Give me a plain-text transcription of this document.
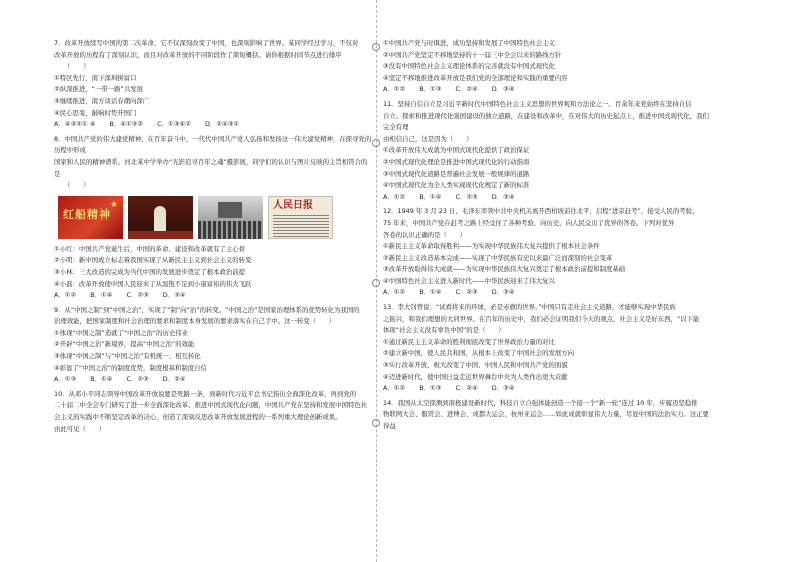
7．改革开放续写中国的第二次革命，它不仅深刻改变了中国，也深刻影响了世界。某同学经过学习，不仅对
改革开放的历程有了深刻认识，而且对改革开放的不同阶段作了简短概括。请你根据时间节点进行排序
（　　）
①特区先行，南下深圳拼富口
②纵深推进，“一带一路”共发展
③继续推进，南方谈话春潮向深广
④民心思变，敲响时势开国门
A．④③②① ④ B．④①③② C．①③④② D．②④③①
8．中国共产党的伟大建党精神，在百年奋斗中，一代代中国共产党人弘扬和发扬这一伟大建党精神，在探寻党的历程中形成
国家和人民的精神谱系。河北某中学举办“光影追寻百年之魂”摄影展，同学们的认识与图片反映的主旨相符合的是
（　　）
★
红船精神
人民日报
①小红：中国共产党诞生后，中国的革命、建设和改革就有了主心骨
②小明：新中国成立标志着我国实现了从新民主主义到社会主义的转变
③小林：三大改造的完成为当代中国的发展进步奠定了根本政治前提
④小磊：改革开放使中国人民迎来了从温饱不足到小康富裕的伟大飞跃
A．①② B．①④ C．②③ D．③④
9．从“中国之制”到“中国之治”，实现了“制”向“治”的转变。“中国之治”是国家治理体系的优势转化为我国的
治理效能，把国家制度和社会治理的要求和制度本身发展的要求落实在自己手中。这一转变（　　）
①体现“中国之制”造就了“中国之治”的历史伟业
②开辟“中国之治”新境界，提高“中国之治”的效能
③体现“中国之制”与“中国之治”有机统一、相互转化
④彰显了“中国之治”的制度优势，制度根基和制度自信
A．①③ B．①④ C．②③ D．②④
10．从邓小平同志领导中国改革开放说要是死路一条，到新时代习近平总书记指出全面深化改革，再到党的
二十届二中全会专门研究了进一步全面深化改革、推进中国式现代化问题，中国共产党在坚持和发展中国特色社
会主义的实践中不断坚定改革的决心，创造了深刻反思改革开放发展进程的一系列重大理论创新成果。
由此可见（　　）
①中国共产党与时俱进，成功坚持和发展了中国特色社会主义
②中国共产党坚定不移地坚持的十一届三中全会以来的路线方针
③没有中国特色社会主义理论体系的完善就没有中国式现代化
④坚定不移地推进改革开放是我们党的全部理论和实践的重要内容
A．①② B．①③ C．②④ D．③④
11．坚持自信自立是习近平新时代中国特色社会主义思想的世界观和方法论之一。百余年来党始终在坚持自信
自立、探索和推进现代化强国建设的独立道路，在建设和改革中，在对伟大的历史起点上，推进中国式现代化，我们完全有理
由相信自己，这是因为（　　）
①改革开放伟大成就为中国式现代化提供了政治保证
②中国式现代化理论是推进中国式现代化的行动指南
③中国式现代化道路是普遍社会发展一般规律的道路
④中国式现代化为全人类实现现代化规定了新的标准
A．①② B．①④ C．②③ D．③④
12．1949 年 3 月 23 日，毛泽东率领中共中央机关离开西柏坡前往北平，启程“进京赶考”，接受人民的考验。
75 年来，中国共产党在赶考之路上经受住了各种考验，向历史、向人民交出了优异的答卷。下列对优异
答卷的认识正确的是（　　）
①新民主主义革命取得胜利——为实现中华民族伟大复兴提供了根本社会条件
②新民主主义改造基本完成——实现了中华民族有史以来最广泛而深刻的社会变革
③改革开放取得伟大成就——为实现中华民族伟大复兴奠定了根本政治前提和制度基础
④中国特色社会主义进入新时代——中华民族迎来了伟大复兴
A．①② B．①④ C．②③ D．③④
13．李大钊曾说：“试看将来的环球，必是赤旗的世界。”中国只有走社会主义道路，才能够实现中华民族
之振兴，和我们理想的大同世界。在百年的历史中，我们必会证明我们今天的观点，社会主义是好东西，“以下能
体现“社会主义没有辜负中国”的是（　　）
①通过新民主主义革命的胜利彻底改变了世界政治力量的对比
②建立新中国，使人民共和国，从根本上改变了中国社会的发展方向
③实行改革开放，极大改变了中国、中国人民和中国共产党的面貌
④迈进新时代，使中国日益走近世界舞台中央为人类作出更大贡献
A．①② B．①③ C．②④ D．③④
14．我国从太空探测到南极建设新时代，科技自立自强体能创造一个接一个“新一轮”连过 10 年，步履迈坚稳推
物联网大会、服贸会、进博会、成都大运会、杭州亚运会……如此成就彰显伟大力量，尽显中国的法治实力。这正要得益
